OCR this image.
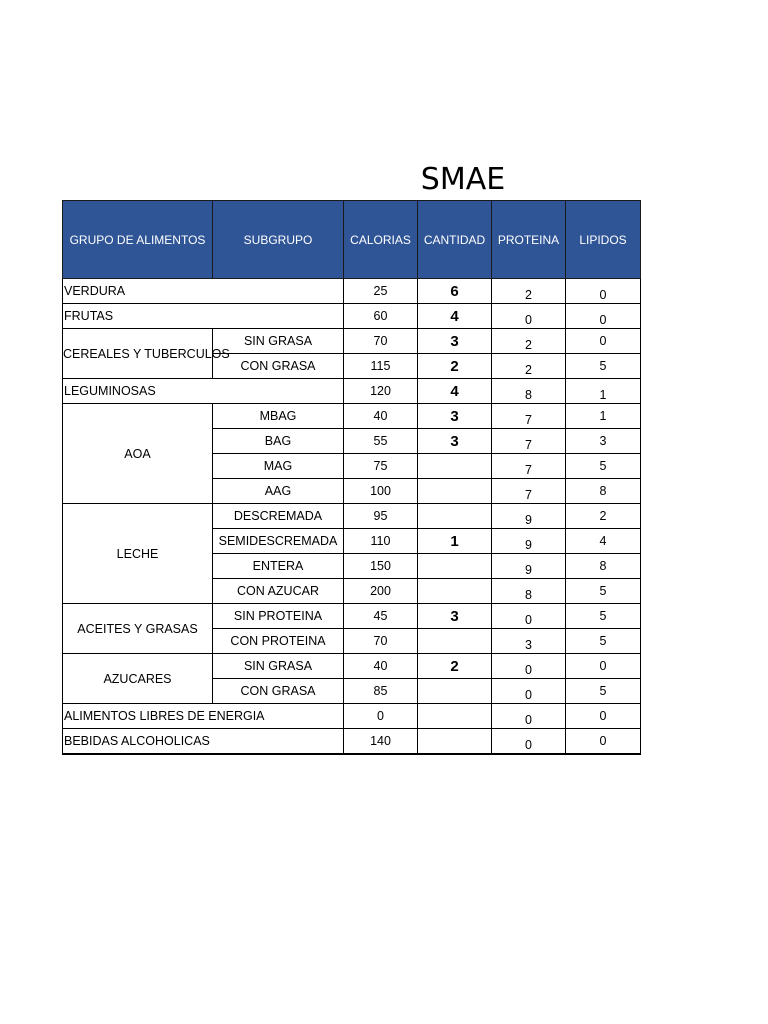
SMAE
GRUPO DE ALIMENTOS	SUBGRUPO	CALORIAS	CANTIDAD	PROTEINA	LIPIDOS
VERDURA		25	6	2	0
FRUTAS		60	4	0	0
CEREALES Y TUBERCULOS	SIN GRASA	70	3	2	0
	CON GRASA	115	2	2	5
LEGUMINOSAS		120	4	8	1
AOA	MBAG	40	3	7	1
	BAG	55	3	7	3
	MAG	75		7	5
	AAG	100		7	8
LECHE	DESCREMADA	95		9	2
	SEMIDESCREMADA	110	1	9	4
	ENTERA	150		9	8
	CON AZUCAR	200		8	5
ACEITES Y GRASAS	SIN PROTEINA	45	3	0	5
	CON PROTEINA	70		3	5
AZUCARES	SIN GRASA	40	2	0	0
	CON GRASA	85		0	5
ALIMENTOS LIBRES DE ENERGIA		0		0	0
BEBIDAS ALCOHOLICAS		140		0	0
